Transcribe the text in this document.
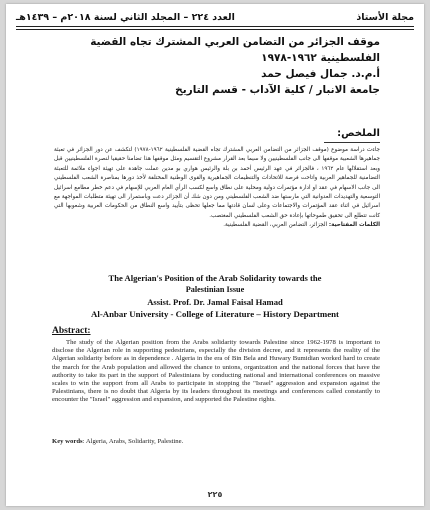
مجلة الأستاذ
العدد ٢٢٤ – المجلد الثاني لسنة ٢٠١٨م – ١٤٣٩هـ
موقف الجزائر من التضامن العربي المشترك تجاه القضية
الفلسطينية ١٩٦٢-١٩٧٨
أ.م.د. جمال فيصل حمد
جامعة الانبار / كلية الآداب - قسم التاريخ
الملخص:
جاءت دراسة موضوع (موقف الجزائر من التضامن العربي المشترك تجاه القضية الفلسطينية ١٩٦٢-١٩٧٨) لتكشف عن دور الجزائر في تعبئة جماهيرها الشعبية موقفها الى جانب الفلسطينيين ولا سيما بعد القرار مشروع التقسيم ومثل موقفها هذا تضامنا حقيقيا لنصرة الفلسطينيين قبل وبعد استقلالها عام ١٩٦٢ ، فالجزائر في عهد الرئيس أحمد بن بلة والرئيس هواري بو مدين عملت جاهدة على تهيئة اجواء ملائمة للتعبئة التضامنية للجماهير العربية واتاحت فرصة للاتحادات والتنظيمات الجماهيرية والقوى الوطنية المختلفة لأخذ دورها بمناصرة الشعب الفلسطيني الى جانب الاسهام في عقد او ادارة مؤتمرات دولية ومحلية على نطاق واسع لكسب الرأي العام العربي للإسهام في دعم خطر مطامع اسرائيل التوسعية والتهديدات العدوانية التي مارستها ضد الشعب الفلسطيني ومن دون شك أن الجزائر دعت وباستمرار الى تهيئة متطلبات المواجهة مع اسرائيل في اثناء عقد المؤتمرات والاجتماعات وعلى لسان قادتها مما جعلها تحظى بتأييد واسع النطاق من الحكومات العربية وشعوبها التي كانت تتطلع الى تحقيق طموحاتها بإعادة حق الشعب الفلسطيني المغتصب.
الكلمات المفتاحية: الجزائر، التضامن العربي، القضية الفلسطينية.
The Algerian's Position of the Arab Solidarity towards the
Palestinian Issue
Assist. Prof. Dr. Jamal Faisal Hamad
Al-Anbar University - College of Literature – History Department
Abstract:
The study of the Algerian position from the Arabs solidarity towards Palestine since 1962-1978 is important to disclose the Algerian role in supporting pedestrians, especially the division decree, and it represents the reality of the Algerian solidarity before as in dependence . Algeria in the era of Bin Bela and Huwary Bumidian worked hard to create the march for the Arab population and allowed the chance to unions, organization and the national forces that have the authority to take its part in the support of Palestinians by conducting national and international conferences on massive scales to win the support from all Arabs to participate in stopping the "Israel" aggression and expansion against the Palestinians, there is no doubt that Algeria by its leaders throughout its meetings and conferences called constantly to encounter the "Israel" aggression and expansion, and supported the Palestine rights.
Key words: Algeria, Arabs, Solidarity, Palestine.
٢٢٥
